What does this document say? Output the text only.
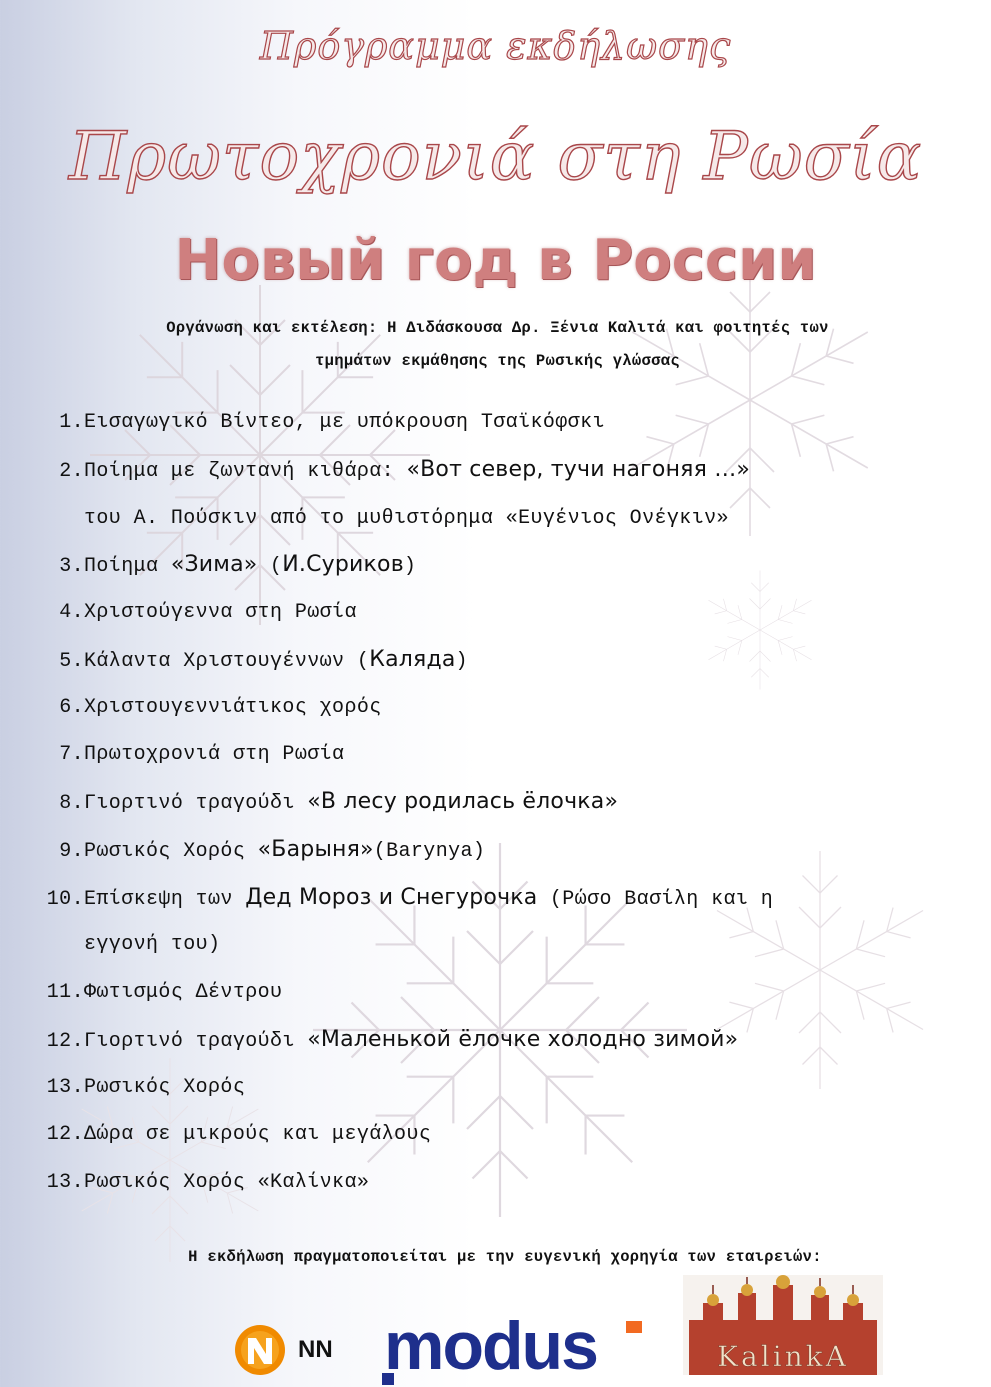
Πρόγραμμα εκδήλωσης
Πρωτοχρονιά στη Ρωσία
Новый год в России
Οργάνωση και εκτέλεση: Η Διδάσκουσα Δρ. Ξένια Καλιτά και φοιτητές των
τμημάτων εκμάθησης της Ρωσικής γλώσσας
1.Εισαγωγικό Βίντεο, με υπόκρουση Τσαϊκόφσκι
2.Ποίημα με ζωντανή κιθάρα: «Вот север, тучи нагоняя …»
του Α. Πούσκιν από το μυθιστόρημα «Ευγένιος Ονέγκιν»
3.Ποίημα «Зима» (И.Суриков)
4.Χριστούγεννα στη Ρωσία
5.Κάλαντα Χριστουγέννων (Каляда)
6.Χριστουγεννιάτικος χορός
7.Πρωτοχρονιά στη Ρωσία
8.Γιορτινό τραγούδι «В лесу родилась ёлочка»
9.Ρωσικός Χορός «Барыня»(Barynya)
10.Επίσκεψη των Дед Мороз и Снегурочка (Ρώσο Βασίλη και η
εγγονή του)
11.Φωτισμός Δέντρου
12.Γιορτινό τραγούδι «Маленькой ёлочке холодно зимой»
13.Ρωσικός Χορός
12.Δώρα σε μικρούς και μεγάλους
13.Ρωσικός Χορός «Καλίνκα»
Η εκδήλωση πραγματοποιείται με την ευγενική χορηγία των εταιρειών:
NN modus	KalinkA
